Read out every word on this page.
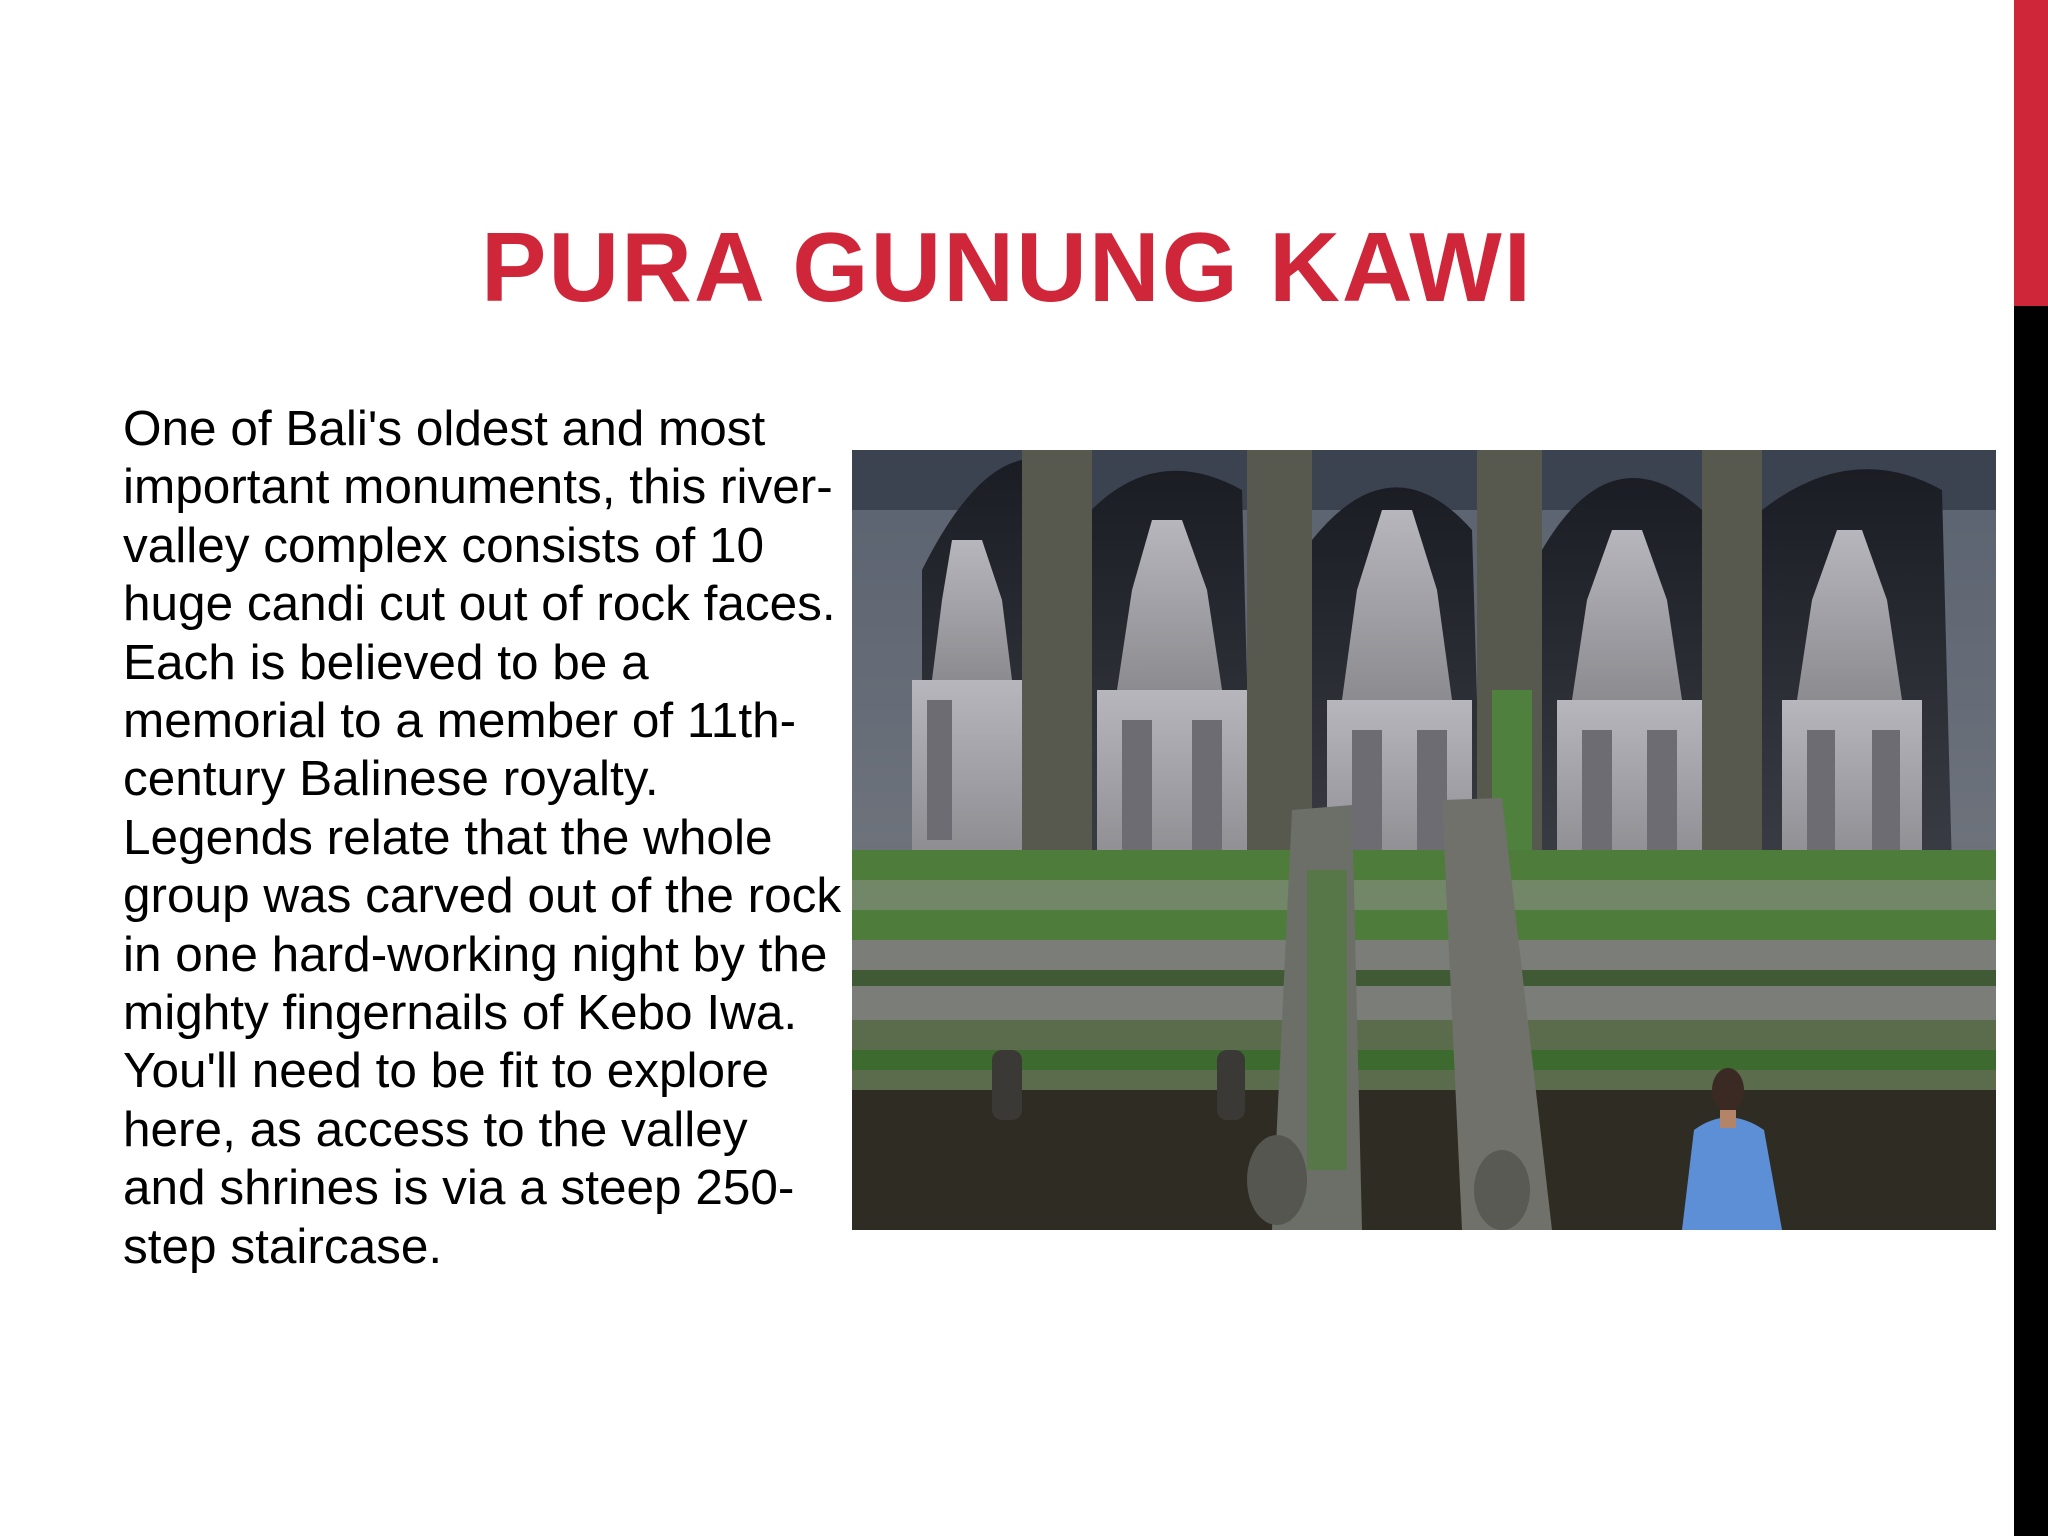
PURA GUNUNG KAWI

One of Bali's oldest and most important monuments, this river-valley complex consists of 10 huge candi cut out of rock faces. Each is believed to be a memorial to a member of 11th-century Balinese royalty. Legends relate that the whole group was carved out of the rock in one hard-working night by the mighty fingernails of Kebo Iwa. You'll need to be fit to explore here, as access to the valley and shrines is via a steep 250-step staircase.
